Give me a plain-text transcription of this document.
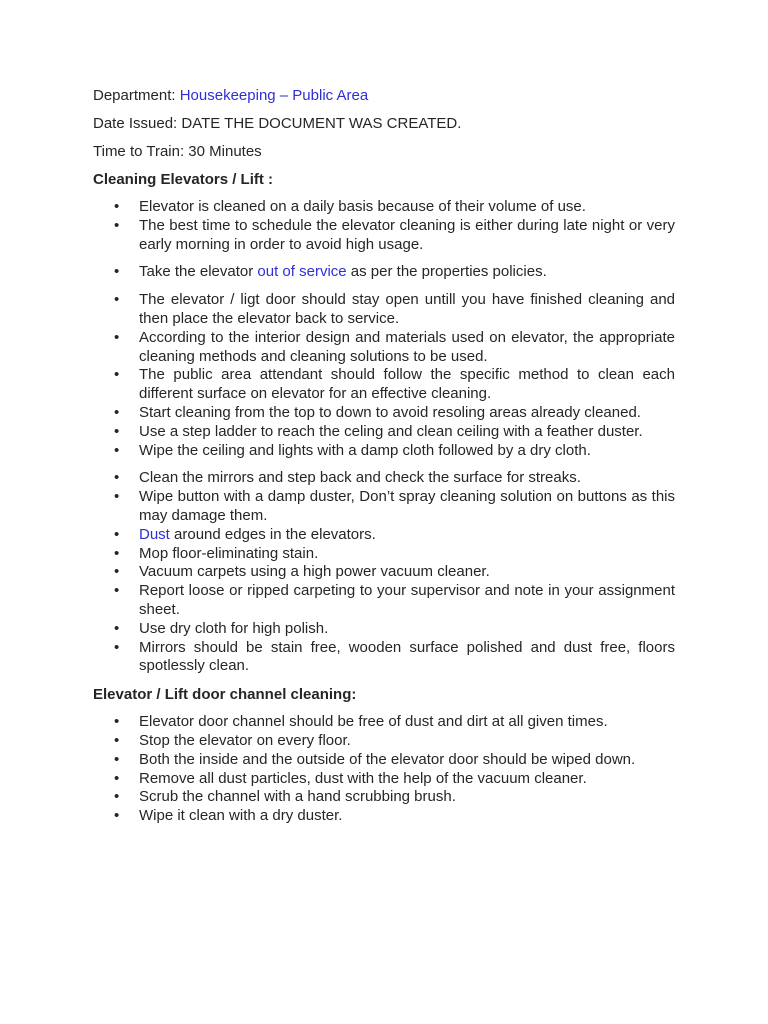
Department: Housekeeping – Public Area
Date Issued: DATE THE DOCUMENT WAS CREATED.
Time to Train: 30 Minutes
Cleaning Elevators / Lift :
• Elevator is cleaned on a daily basis because of their volume of use.
• The best time to schedule the elevator cleaning is either during late night or very early morning in order to avoid high usage.
• Take the elevator out of service as per the properties policies.
• The elevator / ligt door should stay open untill you have finished cleaning and then place the elevator back to service.
• According to the interior design and materials used on elevator, the appropriate cleaning methods and cleaning solutions to be used.
• The public area attendant should follow the specific method to clean each different surface on elevator for an effective cleaning.
• Start cleaning from the top to down to avoid resoling areas already cleaned.
• Use a step ladder to reach the celing and clean ceiling with a feather duster.
• Wipe the ceiling and lights with a damp cloth followed by a dry cloth.
• Clean the mirrors and step back and check the surface for streaks.
• Wipe button with a damp duster, Don’t spray cleaning solution on buttons as this may damage them.
• Dust around edges in the elevators.
• Mop floor-eliminating stain.
• Vacuum carpets using a high power vacuum cleaner.
• Report loose or ripped carpeting to your supervisor and note in your assignment sheet.
• Use dry cloth for high polish.
• Mirrors should be stain free, wooden surface polished and dust free, floors spotlessly clean.
Elevator / Lift door channel cleaning:
• Elevator door channel should be free of dust and dirt at all given times.
• Stop the elevator on every floor.
• Both the inside and the outside of the elevator door should be wiped down.
• Remove all dust particles, dust with the help of the vacuum cleaner.
• Scrub the channel with a hand scrubbing brush.
• Wipe it clean with a dry duster.
